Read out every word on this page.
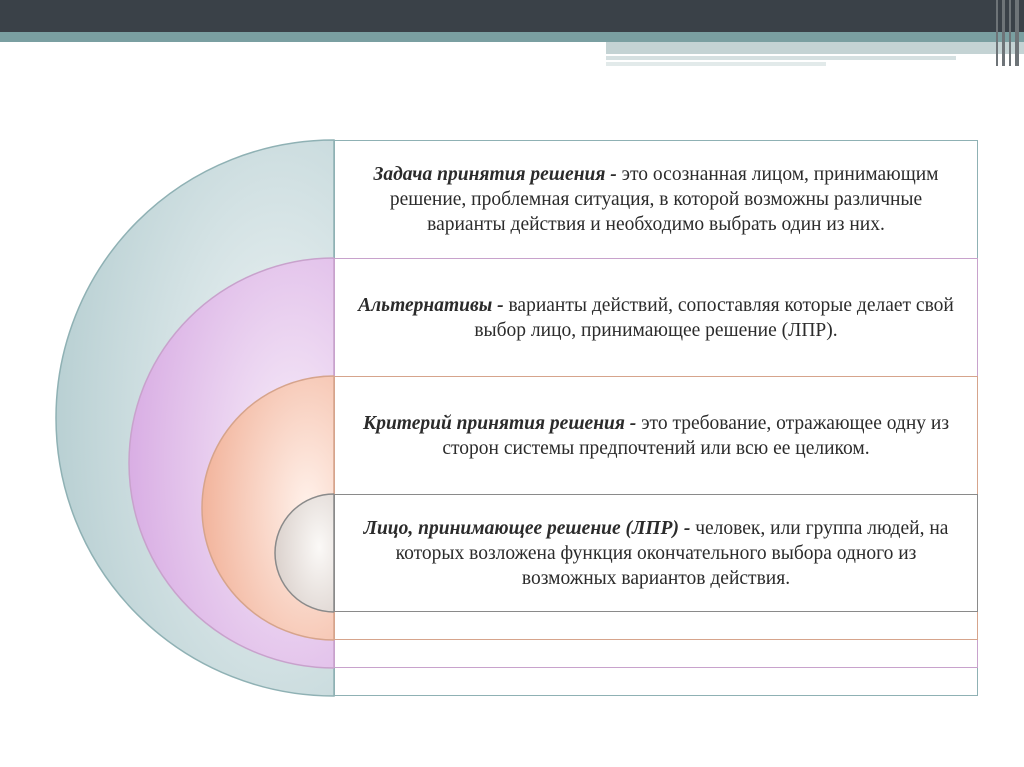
Задача принятия решения - это осознанная лицом, принимающим решение, проблемная ситуация, в которой возможны различные варианты действия и необходимо выбрать один из них.
Альтернативы - варианты действий, сопоставляя которые делает свой выбор лицо, принимающее решение (ЛПР).
Критерий принятия решения - это требование, отражающее одну из сторон системы предпочтений или всю ее целиком.
Лицо, принимающее решение (ЛПР) - человек, или группа людей, на которых возложена функция окончательного выбора одного из возможных вариантов действия.
